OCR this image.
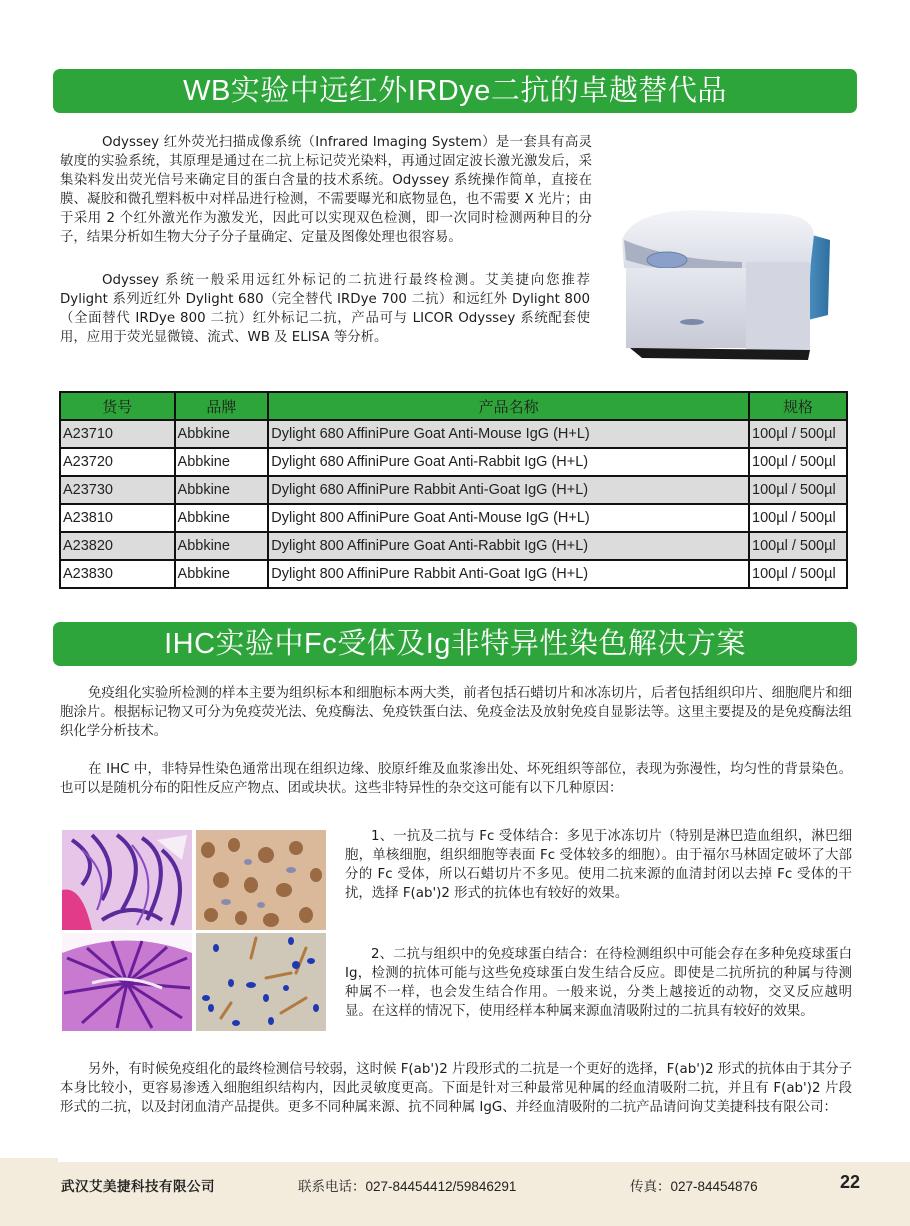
WB实验中远红外IRDye二抗的卓越替代品
Odyssey 红外荧光扫描成像系统（Infrared Imaging System）是一套具有高灵敏度的实验系统，其原理是通过在二抗上标记荧光染料，再通过固定波长激光激发后，采集染料发出荧光信号来确定目的蛋白含量的技术系统。Odyssey 系统操作简单，直接在膜、凝胶和微孔塑料板中对样品进行检测，不需要曝光和底物显色，也不需要 X 光片；由于采用 2 个红外激光作为激发光，因此可以实现双色检测，即一次同时检测两种目的分子，结果分析如生物大分子分子量确定、定量及图像处理也很容易。
Odyssey 系统一般采用远红外标记的二抗进行最终检测。艾美捷向您推荐 Dylight 系列近红外 Dylight 680（完全替代 IRDye 700 二抗）和远红外 Dylight 800（全面替代 IRDye 800 二抗）红外标记二抗，产品可与 LICOR Odyssey 系统配套使用，应用于荧光显微镜、流式、WB 及 ELISA 等分析。
货号	品牌	产品名称	规格
A23710	Abbkine	Dylight 680 AffiniPure Goat Anti-Mouse IgG (H+L)	100µl / 500µl
A23720	Abbkine	Dylight 680 AffiniPure Goat Anti-Rabbit IgG (H+L)	100µl / 500µl
A23730	Abbkine	Dylight 680 AffiniPure Rabbit Anti-Goat IgG (H+L)	100µl / 500µl
A23810	Abbkine	Dylight 800 AffiniPure Goat Anti-Mouse IgG (H+L)	100µl / 500µl
A23820	Abbkine	Dylight 800 AffiniPure Goat Anti-Rabbit IgG (H+L)	100µl / 500µl
A23830	Abbkine	Dylight 800 AffiniPure Rabbit Anti-Goat IgG (H+L)	100µl / 500µl
IHC实验中Fc受体及Ig非特异性染色解决方案
免疫组化实验所检测的样本主要为组织标本和细胞标本两大类，前者包括石蜡切片和冰冻切片，后者包括组织印片、细胞爬片和细胞涂片。根据标记物又可分为免疫荧光法、免疫酶法、免疫铁蛋白法、免疫金法及放射免疫自显影法等。这里主要提及的是免疫酶法组织化学分析技术。
在 IHC 中，非特异性染色通常出现在组织边缘、胶原纤维及血浆渗出处、坏死组织等部位，表现为弥漫性，均匀性的背景染色。也可以是随机分布的阳性反应产物点、团或块状。这些非特异性的杂交这可能有以下几种原因：
1、一抗及二抗与 Fc 受体结合：多见于冰冻切片（特别是淋巴造血组织，淋巴细胞，单核细胞，组织细胞等表面 Fc 受体较多的细胞）。由于福尔马林固定破坏了大部分的 Fc 受体，所以石蜡切片不多见。使用二抗来源的血清封闭以去掉 Fc 受体的干扰，选择 F(ab')2 形式的抗体也有较好的效果。
2、二抗与组织中的免疫球蛋白结合：在待检测组织中可能会存在多种免疫球蛋白 Ig，检测的抗体可能与这些免疫球蛋白发生结合反应。即使是二抗所抗的种属与待测种属不一样，也会发生结合作用。一般来说，分类上越接近的动物，交叉反应越明显。在这样的情况下，使用经样本种属来源血清吸附过的二抗具有较好的效果。
另外，有时候免疫组化的最终检测信号较弱，这时候 F(ab')2 片段形式的二抗是一个更好的选择，F(ab')2 形式的抗体由于其分子本身比较小，更容易渗透入细胞组织结构内，因此灵敏度更高。下面是针对三种最常见种属的经血清吸附二抗，并且有 F(ab')2 片段形式的二抗，以及封闭血清产品提供。更多不同种属来源、抗不同种属 IgG、并经血清吸附的二抗产品请问询艾美捷科技有限公司：
武汉艾美捷科技有限公司	联系电话：027-84454412/59846291	传真：027-84454876	22
